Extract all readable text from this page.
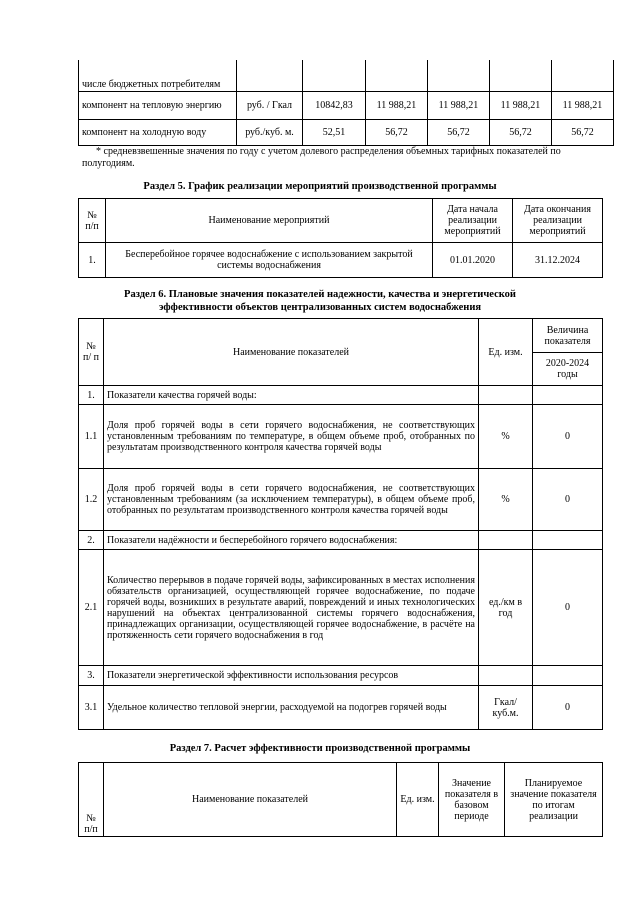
числе бюджетных потребителям						
компонент на тепловую энергию	руб. / Гкал	10842,83	11 988,21	11 988,21	11 988,21	11 988,21
компонент на холодную воду	руб./куб. м.	52,51	56,72	56,72	56,72	56,72

* средневзвешенные значения по году с учетом долевого распределения объемных тарифных показателей по полугодиям.

Раздел 5. График реализации мероприятий производственной программы

№ п/п	Наименование мероприятий	Дата начала реализации мероприятий	Дата окончания реализации мероприятий
1.	Бесперебойное горячее водоснабжение с использованием закрытой системы водоснабжения	01.01.2020	31.12.2024

Раздел 6. Плановые значения показателей надежности, качества и энергетической эффективности объектов централизованных систем водоснабжения

№ п/ п	Наименование показателей	Ед. изм.	Величина показателя
			2020-2024 годы
1.	Показатели качества горячей воды:		
1.1	Доля проб горячей воды в сети горячего водоснабжения, не соответствующих установленным требованиям по температуре, в общем объеме проб, отобранных по результатам производственного контроля качества горячей воды	%	0
1.2	Доля проб горячей воды в сети горячего водоснабжения, не соответствующих установленным требованиям (за исключением температуры), в общем объеме проб, отобранных по результатам производственного контроля качества горячей воды	%	0
2.	Показатели надёжности и бесперебойного горячего водоснабжения:		
2.1	Количество перерывов в подаче горячей воды, зафиксированных в местах исполнения обязательств организацией, осуществляющей горячее водоснабжение, по подаче горячей воды, возникших в результате аварий, повреждений и иных технологических нарушений на объектах централизованной системы горячего водоснабжения, принадлежащих организации, осуществляющей горячее водоснабжение, в расчёте на протяженность сети горячего водоснабжения в год	ед./км в год	0
3.	Показатели энергетической эффективности использования ресурсов		
3.1	Удельное количество тепловой энергии, расходуемой на подогрев горячей воды	Гкал/куб.м.	0

Раздел 7. Расчет эффективности производственной программы

№ п/п	Наименование показателей	Ед. изм.	Значение показателя в базовом периоде	Планируемое значение показателя по итогам реализации
